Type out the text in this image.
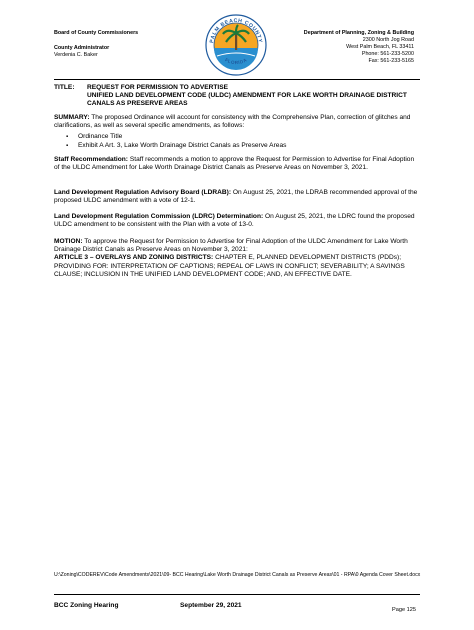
Board of County Commissioners
County Administrator
Verdenia C. Baker
PALM BEACH COUNTY
FLORIDA
Department of Planning, Zoning & Building
2300 North Jog Road
West Palm Beach, FL 33411
Phone: 561-233-5200
Fax: 561-233-5165
TITLE: REQUEST FOR PERMISSION TO ADVERTISE
UNIFIED LAND DEVELOPMENT CODE (ULDC) AMENDMENT FOR LAKE WORTH DRAINAGE DISTRICT CANALS AS PRESERVE AREAS

SUMMARY: The proposed Ordinance will account for consistency with the Comprehensive Plan, correction of glitches and clarifications, as well as several specific amendments, as follows:

▪ Ordinance Title
▪ Exhibit A Art. 3, Lake Worth Drainage District Canals as Preserve Areas

Staff Recommendation: Staff recommends a motion to approve the Request for Permission to Advertise for Final Adoption of the ULDC Amendment for Lake Worth Drainage District Canals as Preserve Areas on November 3, 2021.

Land Development Regulation Advisory Board (LDRAB): On August 25, 2021, the LDRAB recommended approval of the proposed ULDC amendment with a vote of 12-1.

Land Development Regulation Commission (LDRC) Determination: On August 25, 2021, the LDRC found the proposed ULDC amendment to be consistent with the Plan with a vote of 13-0.

MOTION: To approve the Request for Permission to Advertise for Final Adoption of the ULDC Amendment for Lake Worth Drainage District Canals as Preserve Areas on November 3, 2021:

ARTICLE 3 – OVERLAYS AND ZONING DISTRICTS: CHAPTER E, PLANNED DEVELOPMENT DISTRICTS (PDDs); PROVIDING FOR: INTERPRETATION OF CAPTIONS; REPEAL OF LAWS IN CONFLICT; SEVERABILITY; A SAVINGS CLAUSE; INCLUSION IN THE UNIFIED LAND DEVELOPMENT CODE; AND, AN EFFECTIVE DATE.

U:\Zoning\CODEREV\Code Amendments\2021\09- BCC Hearing\Lake Worth Drainage District Canals as Preserve Areas\01 - RPA\0 Agenda Cover Sheet.docx
BCC Zoning Hearing	September 29, 2021
Page 125
